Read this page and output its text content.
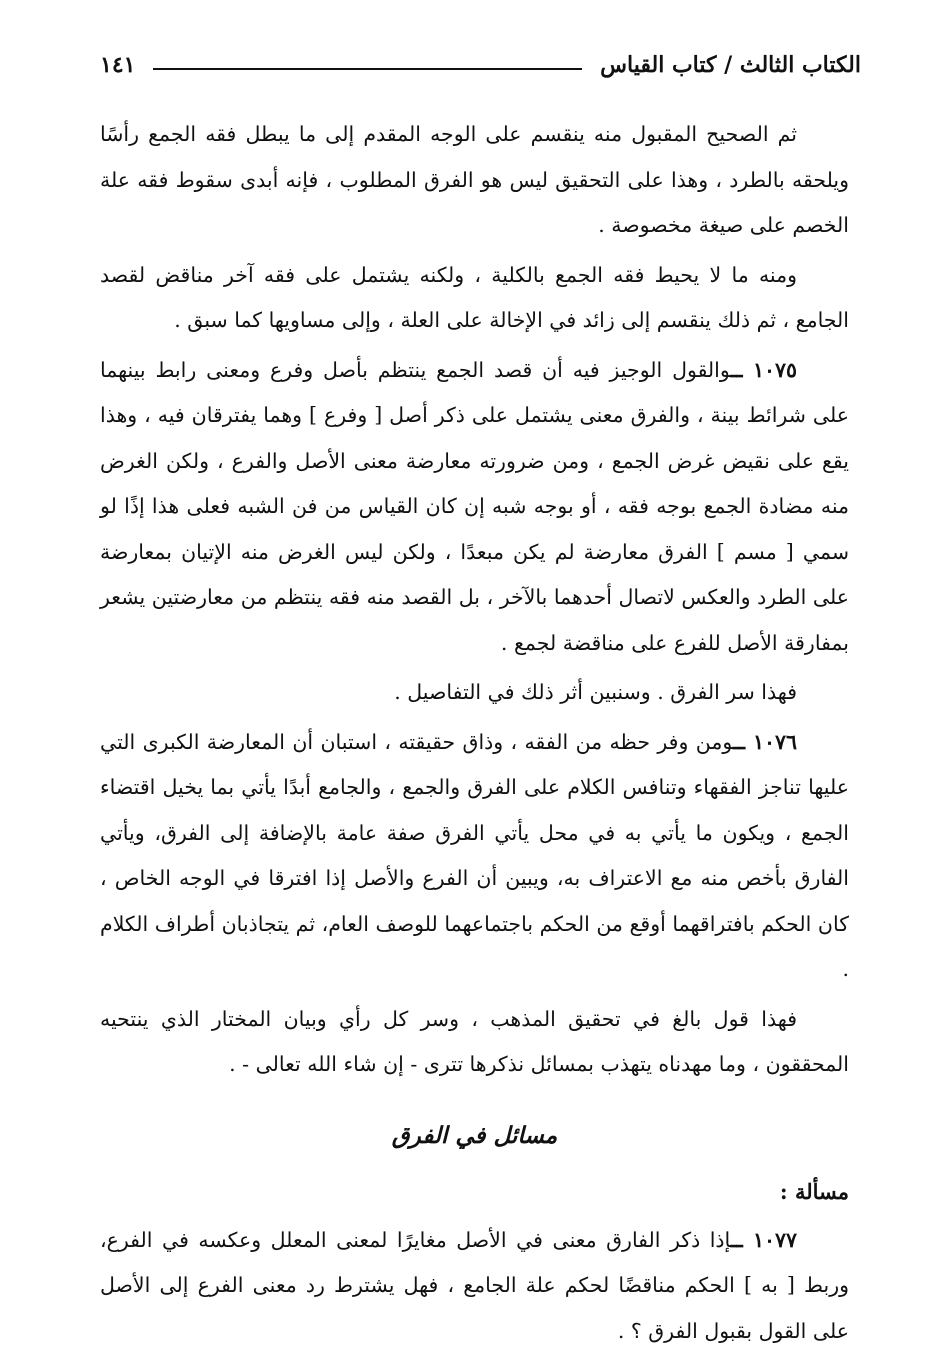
الكتاب الثالث / كتاب القياس
١٤١

ثم الصحيح المقبول منه ينقسم على الوجه المقدم إلى ما يبطل فقه الجمع رأسًا ويلحقه بالطرد ، وهذا على التحقيق ليس هو الفرق المطلوب ، فإنه أبدى سقوط فقه علة الخصم على صيغة مخصوصة .

ومنه ما لا يحيط فقه الجمع بالكلية ، ولكنه يشتمل على فقه آخر مناقض لقصد الجامع ، ثم ذلك ينقسم إلى زائد في الإخالة على العلة ، وإلى مساويها كما سبق .

١٠٧٥ ــوالقول الوجيز فيه أن قصد الجمع ينتظم بأصل وفرع ومعنى رابط بينهما على شرائط بينة ، والفرق معنى يشتمل على ذكر أصل [ وفرع ] وهما يفترقان فيه ، وهذا يقع على نقيض غرض الجمع ، ومن ضرورته معارضة معنى الأصل والفرع ، ولكن الغرض منه مضادة الجمع بوجه فقه ، أو بوجه شبه إن كان القياس من فن الشبه فعلى هذا إذًا لو سمي [ مسم ] الفرق معارضة لم يكن مبعدًا ، ولكن ليس الغرض منه الإتيان بمعارضة على الطرد والعكس لاتصال أحدهما بالآخر ، بل القصد منه فقه ينتظم من معارضتين يشعر بمفارقة الأصل للفرع على مناقضة لجمع .

فهذا سر الفرق . وسنبين أثر ذلك في التفاصيل .

١٠٧٦ ــومن وفر حظه من الفقه ، وذاق حقيقته ، استبان أن المعارضة الكبرى التي عليها تناجز الفقهاء وتنافس الكلام على الفرق والجمع ، والجامع أبدًا يأتي بما يخيل اقتضاء الجمع ، ويكون ما يأتي به في محل يأتي الفرق صفة عامة بالإضافة إلى الفرق، ويأتي الفارق بأخص منه مع الاعتراف به، ويبين أن الفرع والأصل إذا افترقا في الوجه الخاص ، كان الحكم بافتراقهما أوقع من الحكم باجتماعهما للوصف العام، ثم يتجاذبان أطراف الكلام .

فهذا قول بالغ في تحقيق المذهب ، وسر كل رأي وبيان المختار الذي ينتحيه المحققون ، وما مهدناه يتهذب بمسائل نذكرها تترى - إن شاء الله تعالى - .

مسائل في الفرق
مسألة :

١٠٧٧ ــإذا ذكر الفارق معنى في الأصل مغايرًا لمعنى المعلل وعكسه في الفرع، وربط [ به ] الحكم مناقضًا لحكم علة الجامع ، فهل يشترط رد معنى الفرع إلى الأصل على القول بقبول الفرق ؟ .
